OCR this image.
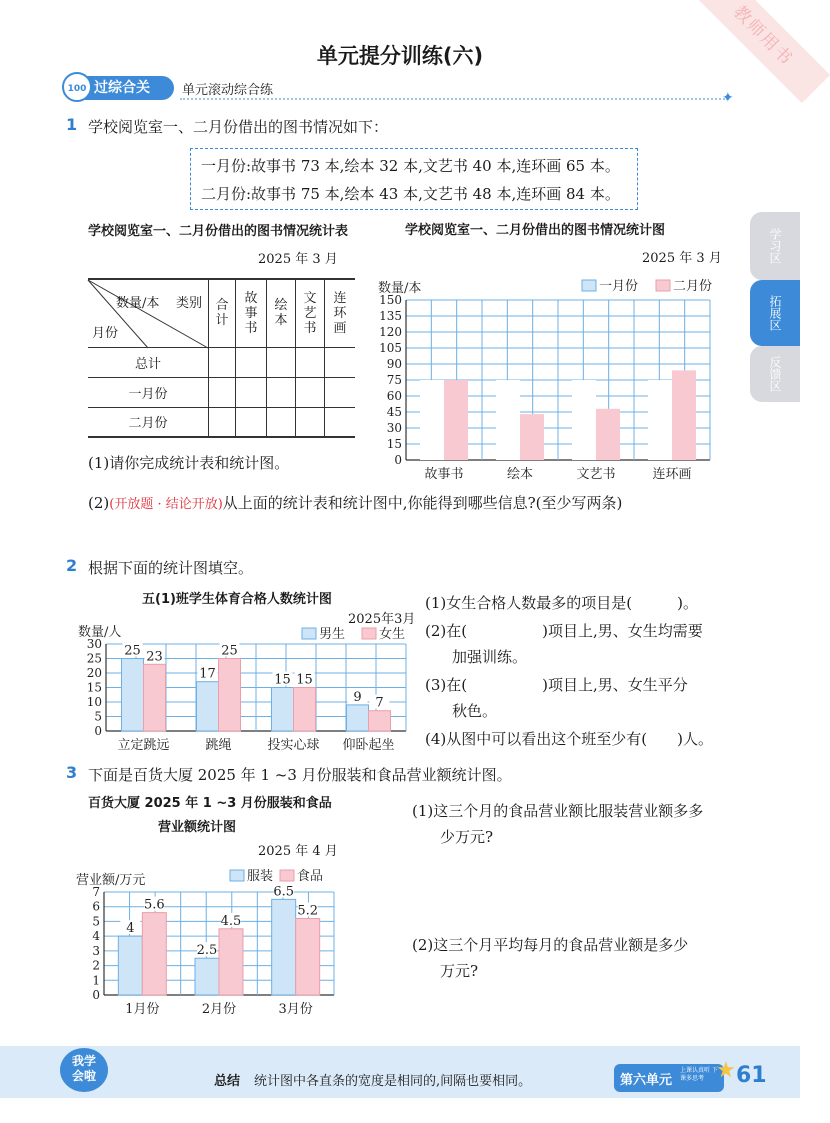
单元提分训练(六)	教师用书
过综合关
100	单元滚动综合练	✦
学习区
拓展区
反馈区
1 学校阅览室一、二月份借出的图书情况如下：
一月份:故事书 73 本,绘本 32 本,文艺书 40 本,连环画 65 本。
二月份:故事书 75 本,绘本 43 本,文艺书 48 本,连环画 84 本。
学校阅览室一、二月份借出的图书情况统计表
2025 年 3 月
数量/本 类别
月份	合计	故事书	绘本	文艺书	连环画

总计					
一月份					
二月份					
学校阅览室一、二月份借出的图书情况统计图
2025 年 3 月
0
15
30
45
60
75
90
105
120
135
150
数量/本	一月份	二月份
故事书	绘本	文艺书	连环画
(1)请你完成统计表和统计图。
(2)(开放题 · 结论开放)从上面的统计表和统计图中,你能得到哪些信息?(至少写两条)
2 根据下面的统计图填空。
五(1)班学生体育合格人数统计图
2025年3月
0
5
10
15
20
25
30
数量/人	男生	女生
立定跳远
25 23
跳绳
17
25
投实心球
15 15
仰卧起坐
9 7
(1)女生合格人数最多的项目是(　　　)。
(2)在(　　　　　)项目上,男、女生均需要
加强训练。
(3)在(　　　　　)项目上,男、女生平分
秋色。
(4)从图中可以看出这个班至少有(　　)人。
3 下面是百货大厦 2025 年 1 ~3 月份服装和食品营业额统计图。
百货大厦 2025 年 1 ~3 月份服装和食品
营业额统计图
2025 年 4 月
0
1
2
3
4
5
6
7
营业额/万元	服装 食品
1月份
4
5.6
2月份
2.5
4.5
3月份
6.5
5.2
(1)这三个月的食品营业额比服装营业额多多
少万元?
(2)这三个月平均每月的食品营业额是多少
万元?
我学会啦	总结 统计图中各直条的宽度是相同的,间隔也要相同。	第六单元
上课认真听 下课多思考 ★ 61
